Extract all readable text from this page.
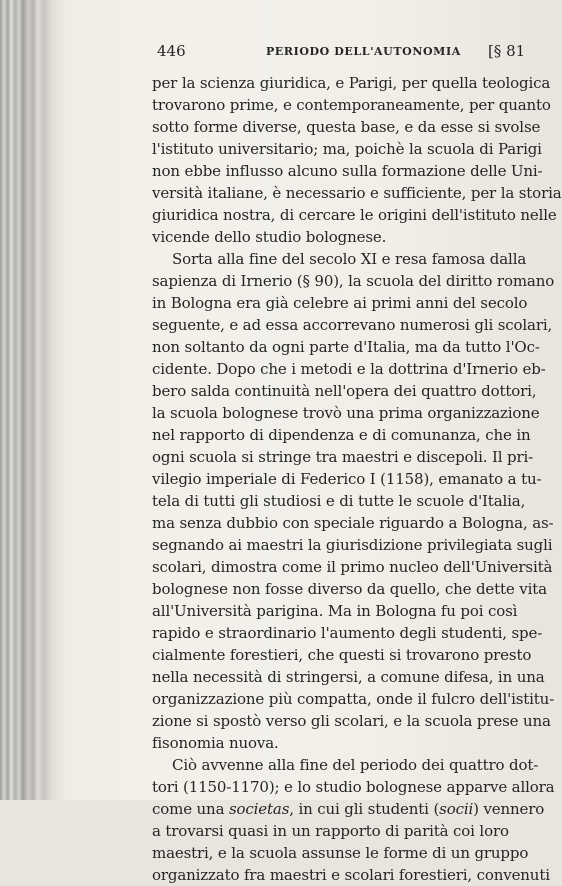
446	PERIODO DELL'AUTONOMIA [§ 81
per la scienza giuridica, e Parigi, per quella teologica
trovarono prime, e contemporaneamente, per quanto
sotto forme diverse, questa base, e da esse si svolse
l'istituto universitario; ma, poichè la scuola di Parigi
non ebbe influsso alcuno sulla formazione delle Uni-
versità italiane, è necessario e sufficiente, per la storia
giuridica nostra, di cercare le origini dell'istituto nelle
vicende dello studio bolognese.
Sorta alla fine del secolo XI e resa famosa dalla
sapienza di Irnerio (§ 90), la scuola del diritto romano
in Bologna era già celebre ai primi anni del secolo
seguente, e ad essa accorrevano numerosi gli scolari,
non soltanto da ogni parte d'Italia, ma da tutto l'Oc-
cidente. Dopo che i metodi e la dottrina d'Irnerio eb-
bero salda continuità nell'opera dei quattro dottori,
la scuola bolognese trovò una prima organizzazione
nel rapporto di dipendenza e di comunanza, che in
ogni scuola si stringe tra maestri e discepoli. Il pri-
vilegio imperiale di Federico I (1158), emanato a tu-
tela di tutti gli studiosi e di tutte le scuole d'Italia,
ma senza dubbio con speciale riguardo a Bologna, as-
segnando ai maestri la giurisdizione privilegiata sugli
scolari, dimostra come il primo nucleo dell'Università
bolognese non fosse diverso da quello, che dette vita
all'Università parigina. Ma in Bologna fu poi così
rapido e straordinario l'aumento degli studenti, spe-
cialmente forestieri, che questi si trovarono presto
nella necessità di stringersi, a comune difesa, in una
organizzazione più compatta, onde il fulcro dell'istitu-
zione si spostò verso gli scolari, e la scuola prese una
fisonomia nuova.
Ciò avvenne alla fine del periodo dei quattro dot-
tori (1150-1170); e lo studio bolognese apparve allora
come una societas, in cui gli studenti (socii) vennero
a trovarsi quasi in un rapporto di parità coi loro
maestri, e la scuola assunse le forme di un gruppo
organizzato fra maestri e scolari forestieri, convenuti
